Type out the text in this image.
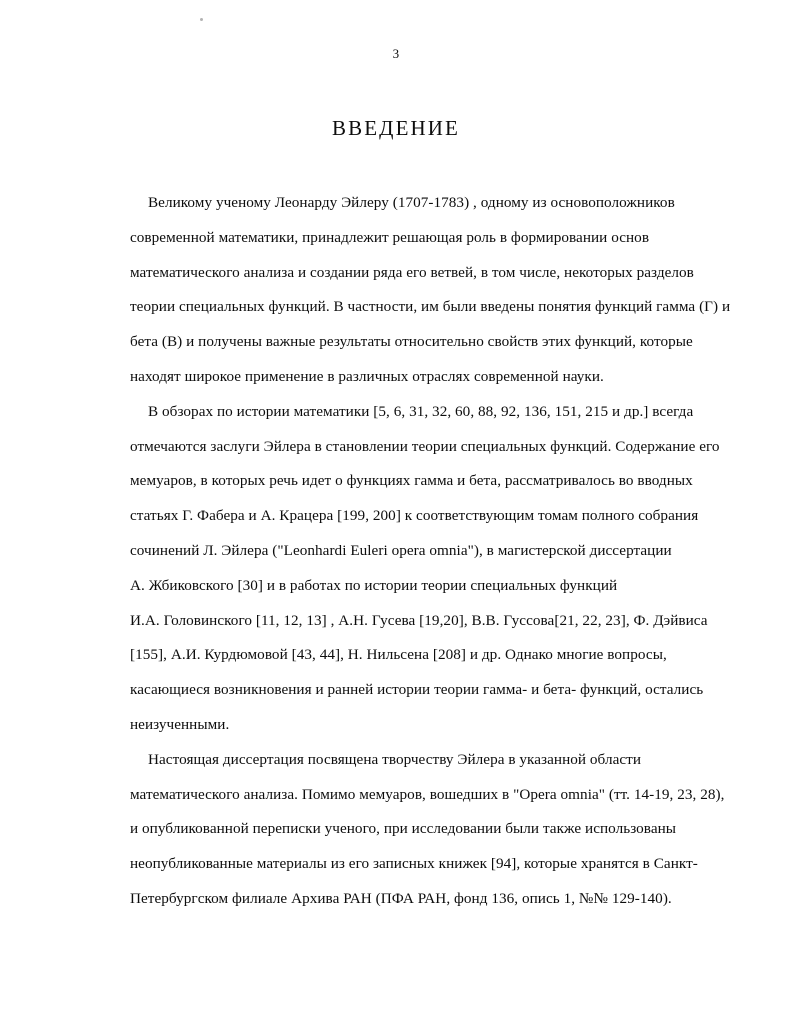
3
ВВЕДЕНИЕ
Великому ученому Леонарду Эйлеру (1707-1783) , одному из основоположников
современной математики, принадлежит решающая роль в формировании основ
математического анализа и создании ряда его ветвей, в том числе, некоторых разделов
теории специальных функций. В частности, им были введены понятия функций гамма (Г) и
бета (В) и получены важные результаты относительно свойств этих функций, которые
находят широкое применение в различных отраслях современной науки.
В обзорах по истории математики [5, 6, 31, 32, 60, 88, 92, 136, 151, 215 и др.] всегда
отмечаются заслуги Эйлера в становлении теории специальных функций. Содержание его
мемуаров, в которых речь идет о функциях гамма и бета, рассматривалось во вводных
статьях Г. Фабера и А. Крацера [199, 200] к соответствующим томам полного собрания
сочинений Л. Эйлера ("Leonhardi Euleri opera omnia"), в магистерской диссертации
А. Жбиковского [30] и в работах по истории теории специальных функций
И.А. Головинского [11, 12, 13] , А.Н. Гусева [19,20], В.В. Гуссова[21, 22, 23], Ф. Дэйвиса
[155], А.И. Курдюмовой [43, 44], Н. Нильсена [208] и др. Однако многие вопросы,
касающиеся возникновения и ранней истории теории гамма- и бета- функций, остались
неизученными.
Настоящая диссертация посвящена творчеству Эйлера в указанной области
математического анализа. Помимо мемуаров, вошедших в "Opera omnia" (тт. 14-19, 23, 28),
и опубликованной переписки ученого, при исследовании были также использованы
неопубликованные материалы из его записных книжек [94], которые хранятся в Санкт-
Петербургском филиале Архива РАН (ПФА РАН, фонд 136, опись 1, №№ 129-140).
